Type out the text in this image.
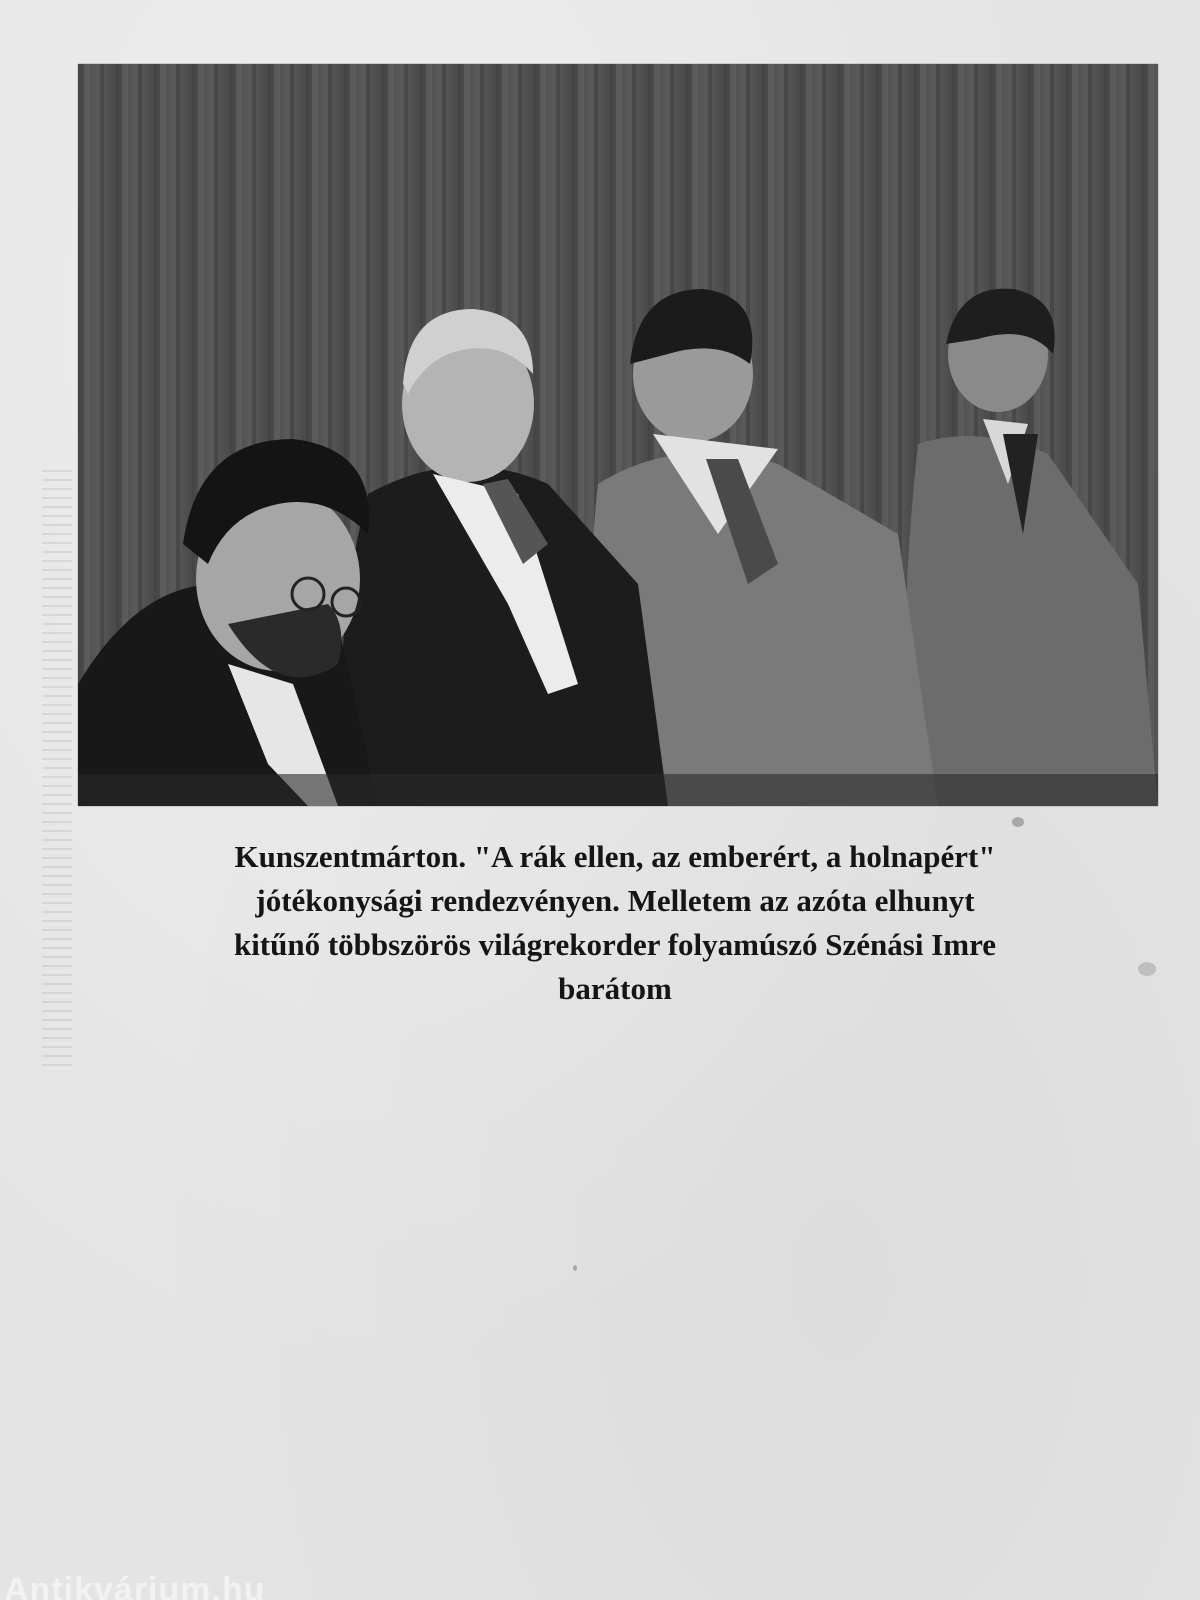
Kunszentmárton. "A rák ellen, az emberért, a holnapért"
jótékonysági rendezvényen. Melletem az azóta elhunyt
kitűnő többszörös világrekorder folyamúszó Szénási Imre
barátom
Antikvárium.hu
